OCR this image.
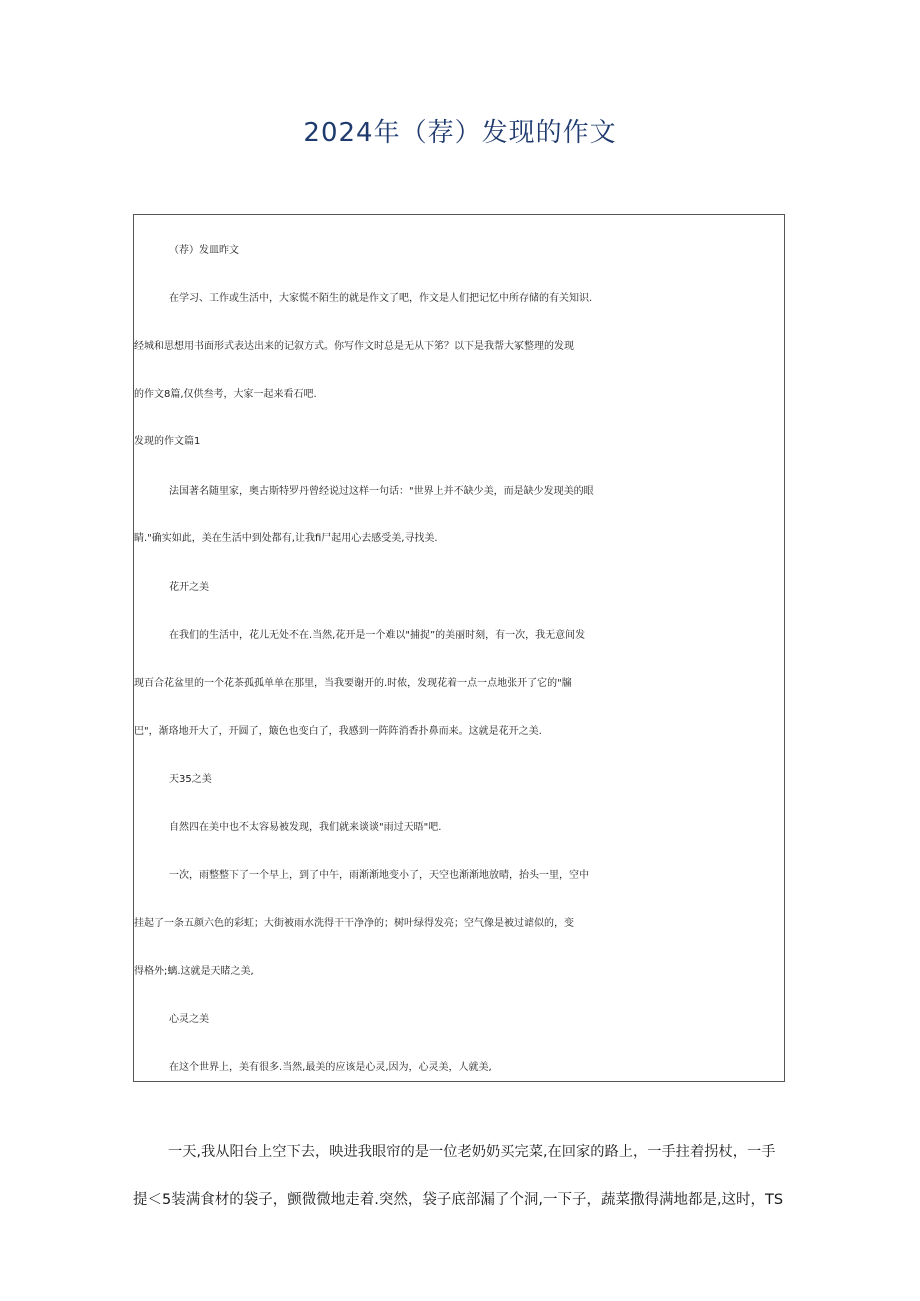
2024年（荐）发现的作文
（荐）发皿昨文
在学习、工作或生活中，大家慌不陌生的就是作文了吧，作文是人们把记忆中所存储的有关知识.
经城和思想用书面形式表达出来的记叙方式。你写作文时总是无从下笫？以下是我帮大冢整理的发现
的作文8篇,仅供叁考，大家一起来看石吧.
发现的作文篇1
法国著名随里家，奥古斯特罗丹曾经说过这样一句话："世界上并不缺少美，而是缺少发现美的眼
睛."确实如此，美在生活中到处都有,让我fi尸起用心去感受美,寻找美.
花开之美
在我们的生活中，花儿无处不在.当然,花开是一个难以"捕捉”的美丽时刻，有一次，我无意间发
现百合花盆里的一个花茶孤孤单单在那里，当我要谢开的.时侬，发现花着一点一点地张开了它的"牖
巴"，渐珞地开大了，开圆了，簸色也变白了，我感到一阵阵消香扑鼻而来。这就是花开之美.
天35之美
自然四在美中也不太容易被发现，我们就来谈谈"雨过天晤"吧.
一次，雨整整下了一个早上，到了中午，雨渐渐地变小了，天空也渐渐地放晴，抬头一里，空中
挂起了一条五颜六色的彩虹；大街被雨水洗得干干净净的；树叶绿得发亮；空气像是被过谑似的，变
得格外;螭.这就是天睹之美,
心灵之美
在这个世界上，美有很多.当然,最美的应该是心灵,因为，心灵美，人就美,
一天,我从阳台上空下去，映进我眼帘的是一位老奶奶买完菜,在回家的路上，一手拄着拐杖，一手
提＜5装满食材的袋子，颤微微地走着.突然，袋子底部漏了个洞,一下子，蔬菜撒得满地都是,这时，TS
